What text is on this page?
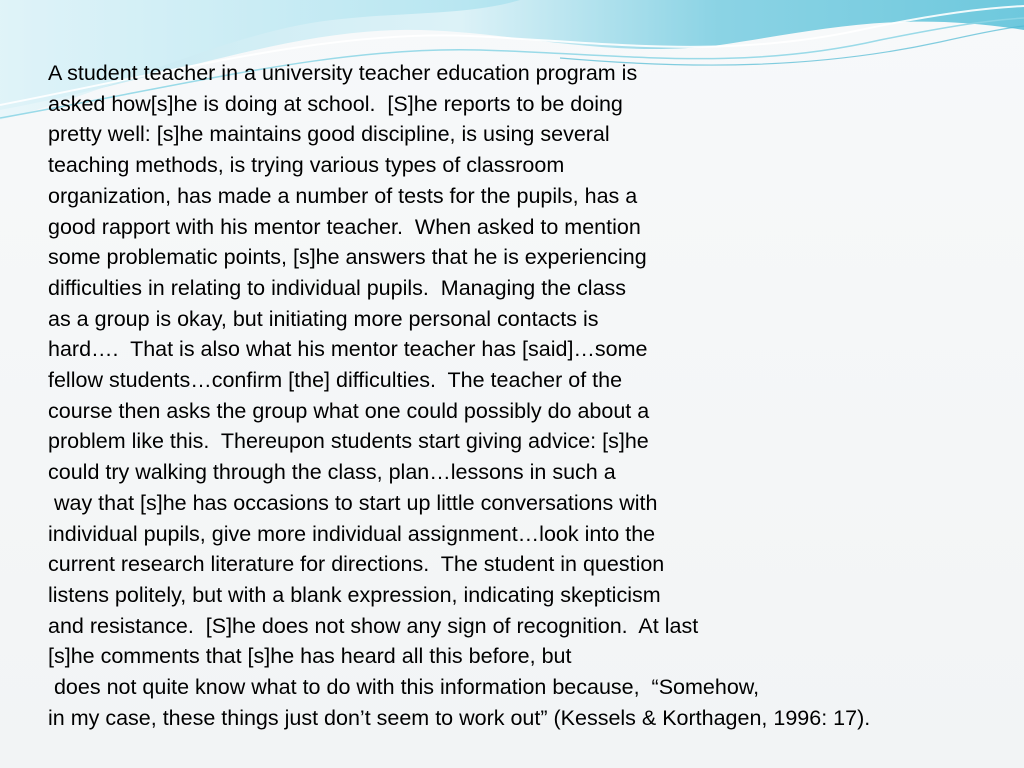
A student teacher in a university teacher education program is
asked how[s]he is doing at school.  [S]he reports to be doing
pretty well: [s]he maintains good discipline, is using several
teaching methods, is trying various types of classroom
organization, has made a number of tests for the pupils, has a
good rapport with his mentor teacher.  When asked to mention
some problematic points, [s]he answers that he is experiencing
difficulties in relating to individual pupils.  Managing the class
as a group is okay, but initiating more personal contacts is
hard….  That is also what his mentor teacher has [said]…some
fellow students…confirm [the] difficulties.  The teacher of the
course then asks the group what one could possibly do about a
problem like this.  Thereupon students start giving advice: [s]he
could try walking through the class, plan…lessons in such a
way that [s]he has occasions to start up little conversations with
individual pupils, give more individual assignment…look into the
current research literature for directions.  The student in question
listens politely, but with a blank expression, indicating skepticism
and resistance.  [S]he does not show any sign of recognition.  At last
[s]he comments that [s]he has heard all this before, but
does not quite know what to do with this information because,  “Somehow,
in my case, these things just don’t seem to work out” (Kessels & Korthagen, 1996: 17).
